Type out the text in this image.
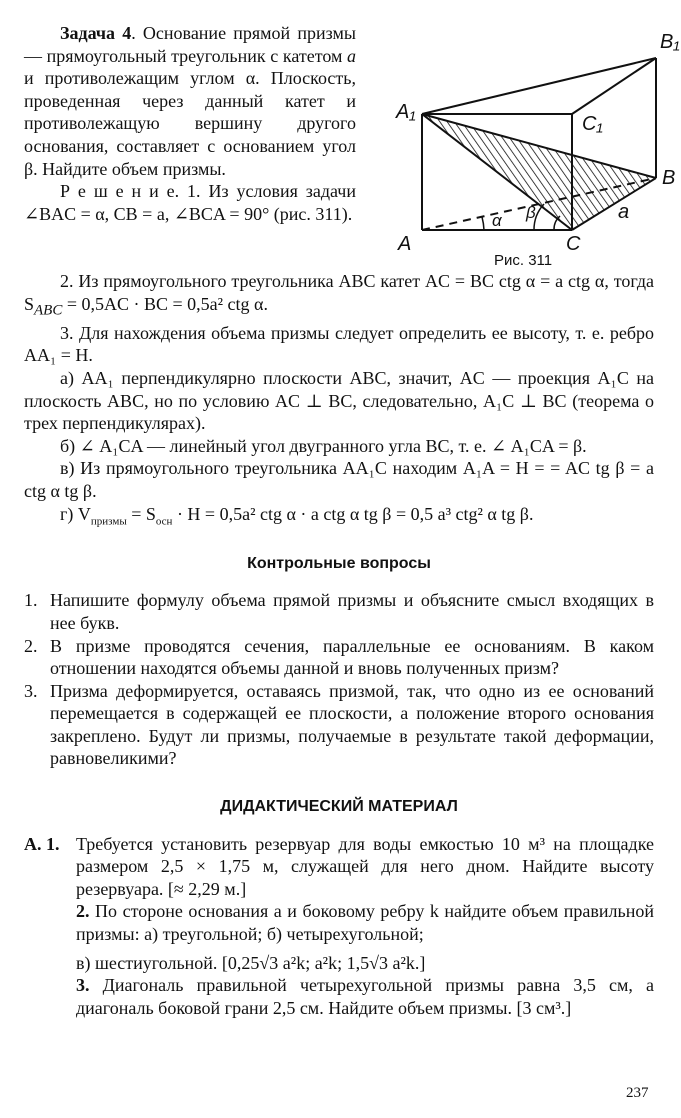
Задача 4. Основание прямой призмы — прямоугольный треугольник с катетом a и противолежащим углом α. Плоскость, проведенная через данный катет и противолежащую вершину другого основания, составляет с основанием угол β. Найдите объем призмы.

Р е ш е н и е. 1. Из условия задачи ∠BAC = α, CB = a, ∠BCA = 90° (рис. 311).

B₁
A₁
C₁
B
A	C
a
α β
Рис. 311

2. Из прямоугольного треугольника ABC катет AC = BC ctg α = a ctg α, тогда $S_{ABC} = 0,5AC$ · BC = 0,5a² ctg α.

3. Для нахождения объема призмы следует определить ее высоту, т. е. ребро AA₁ = H.

а) AA₁ перпендикулярно плоскости ABC, значит, AC — проекция A₁C на плоскость ABC, но по условию AC ⊥ BC, следовательно, A₁C ⊥ BC (теорема о трех перпендикулярах).

б) ∠ A₁CA — линейный угол двугранного угла BC, т. е. ∠ A₁CA = β.

в) Из прямоугольного треугольника AA₁C находим A₁A = H = = AC tg β = a ctg α tg β.

г) $V_{призмы} = S_{осн} \cdot H = 0,5a^2$ ctg α · a ctg α tg β = 0,5 a³ ctg² α tg β.

Контрольные вопросы
1. Напишите формулу объема прямой призмы и объясните смысл входящих в нее букв.
2. В призме проводятся сечения, параллельные ее основаниям. В каком отношении находятся объемы данной и вновь полученных призм?
3. Призма деформируется, оставаясь призмой, так, что одно из ее оснований перемещается в содержащей ее плоскости, а положение второго основания закреплено. Будут ли призмы, получаемые в результате такой деформации, равновеликими?
ДИДАКТИЧЕСКИЙ МАТЕРИАЛ
А. 1. Требуется установить резервуар для воды емкостью 10 м³ на площадке размером 2,5 × 1,75 м, служащей для него дном. Найдите высоту резервуара. [≈ 2,29 м.]

2. По стороне основания a и боковому ребру k найдите объем правильной призмы: а) треугольной; б) четырехугольной;

в) шестиугольной. [0,25√3 a²k; a²k; 1,5√3 a²k.]

3. Диагональ правильной четырехугольной призмы равна 3,5 см, а диагональ боковой грани 2,5 см. Найдите объем призмы. [3 см³.]

237
